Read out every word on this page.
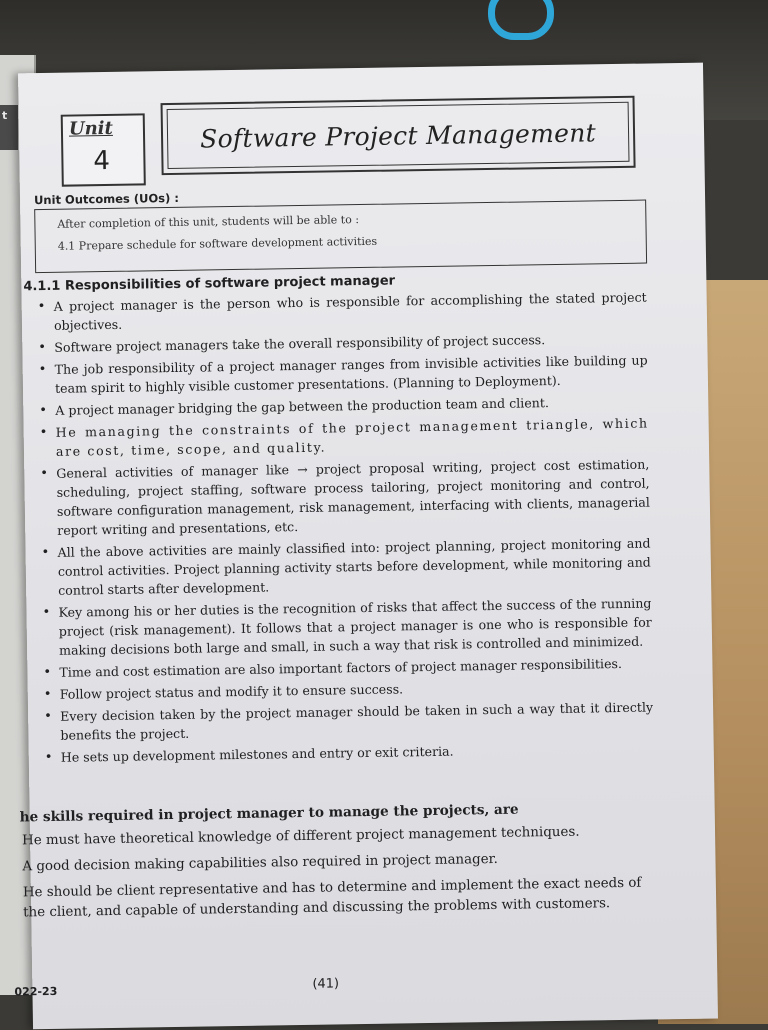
t
Unit
4
Software Project Management
Unit Outcomes (UOs) :
After completion of this unit, students will be able to :
4.1 Prepare schedule for software development activities
4.1.1 Responsibilities of software project manager
• A project manager is the person who is responsible for accomplishing the stated project objectives.
• Software project managers take the overall responsibility of project success.
• The job responsibility of a project manager ranges from invisible activities like building up team spirit to highly visible customer presentations. (Planning to Deployment).
• A project manager bridging the gap between the production team and client.
• He managing the constraints of the project management triangle, which are cost, time, scope, and quality.
• General activities of manager like → project proposal writing, project cost estimation, scheduling, project staffing, software process tailoring, project monitoring and control, software configuration management, risk management, interfacing with clients, managerial report writing and presentations, etc.
• All the above activities are mainly classified into: project planning, project monitoring and control activities. Project planning activity starts before development, while monitoring and control starts after development.
• Key among his or her duties is the recognition of risks that affect the success of the running project (risk management). It follows that a project manager is one who is responsible for making decisions both large and small, in such a way that risk is controlled and minimized.
• Time and cost estimation are also important factors of project manager responsibilities.
• Follow project status and modify it to ensure success.
• Every decision taken by the project manager should be taken in such a way that it directly benefits the project.
• He sets up development milestones and entry or exit criteria.
he skills required in project manager to manage the projects, are
He must have theoretical knowledge of different project management techniques.
A good decision making capabilities also required in project manager.
He should be client representative and has to determine and implement the exact needs of the client, and capable of understanding and discussing the problems with customers.
022-23	(41)
